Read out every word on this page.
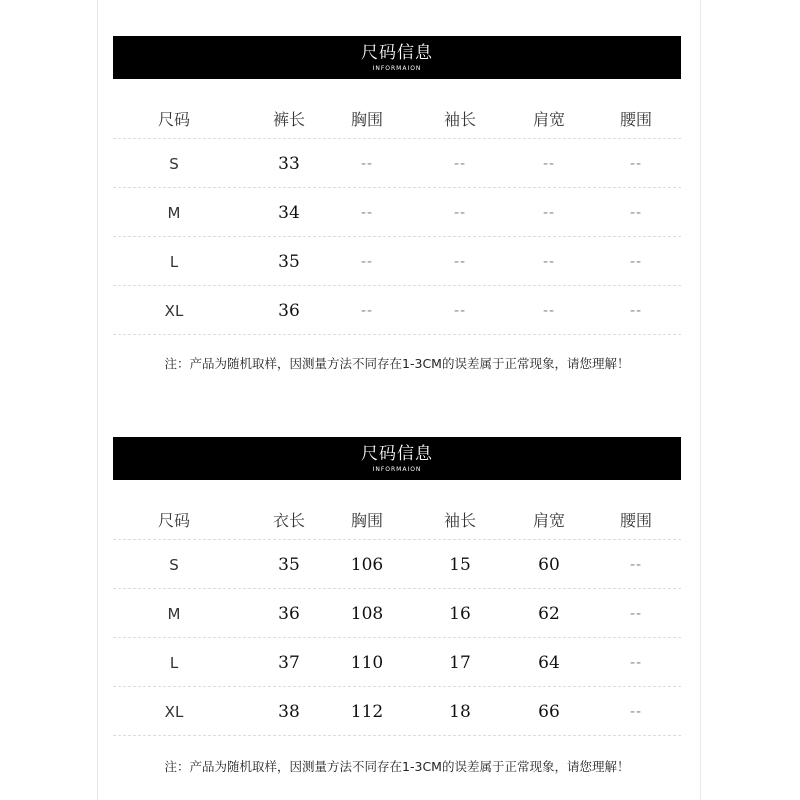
尺码信息
INFORMAION
尺码	裤长	胸围	袖长	肩宽	腰围
S	33	--	--	--	--
M	34	--	--	--	--
L	35	--	--	--	--
XL	36	--	--	--	--
注：产品为随机取样，因测量方法不同存在1-3CM的误差属于正常现象，请您理解！
尺码信息
INFORMAION
尺码	衣长	胸围	袖长	肩宽	腰围
S	35	106	15	60	--
M	36	108	16	62	--
L	37	110	17	64	--
XL	38	112	18	66	--
注：产品为随机取样，因测量方法不同存在1-3CM的误差属于正常现象，请您理解！
